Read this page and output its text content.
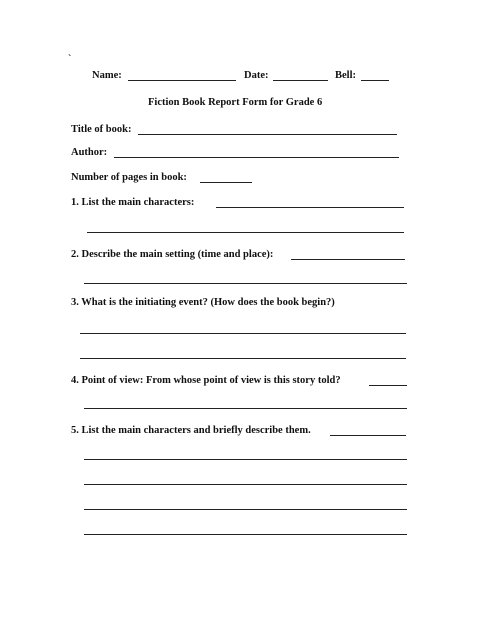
`
Name:	Date:	Bell:
Fiction Book Report Form for Grade 6
Title of book:
Author:
Number of pages in book:
1. List the main characters:
2. Describe the main setting (time and place):
3. What is the initiating event? (How does the book begin?)
4. Point of view: From whose point of view is this story told?
5. List the main characters and briefly describe them.
